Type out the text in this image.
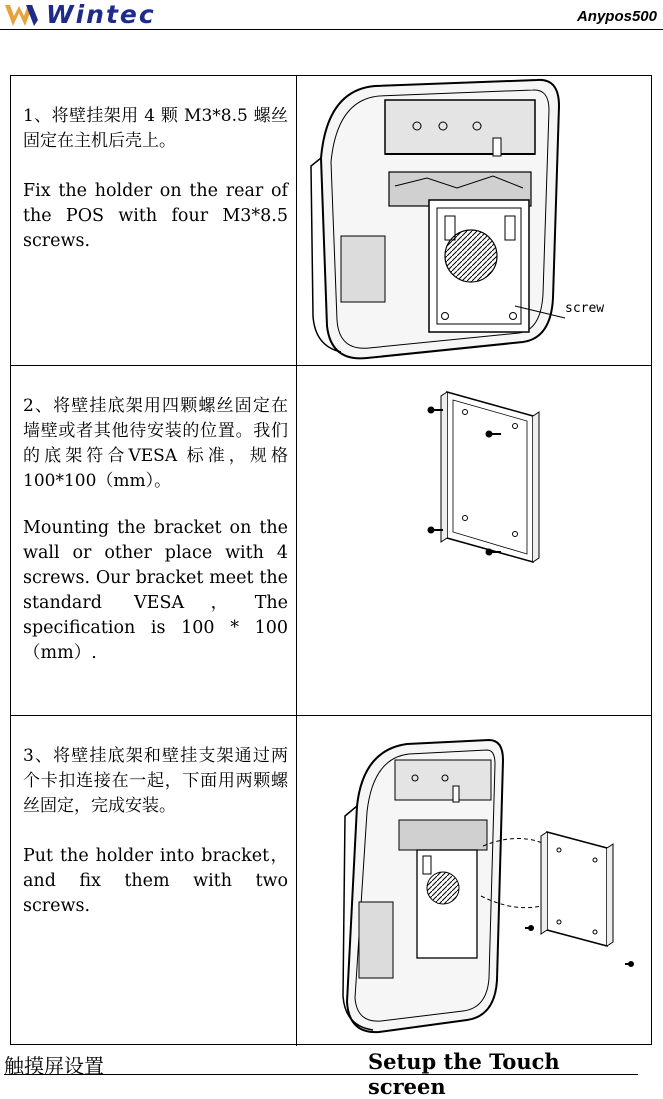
Wintec	Anypos500

1、将壁挂架用 4 颗 M3*8.5 螺丝固定在主机后壳上。

Fix the holder on the rear of the POS with four M3*8.5 screws.

screw

2、将壁挂底架用四颗螺丝固定在墙壁或者其他待安装的位置。我们的底架符合VESA 标准，规格 100*100（mm）。

Mounting the bracket on the wall or other place with 4 screws. Our bracket meet the standard VESA，The specification is 100 * 100（mm）.

3、将壁挂底架和壁挂支架通过两个卡扣连接在一起，下面用两颗螺丝固定，完成安装。

Put the holder into bracket，and fix them with two screws.

触摸屏设置	Setup the Touch screen
